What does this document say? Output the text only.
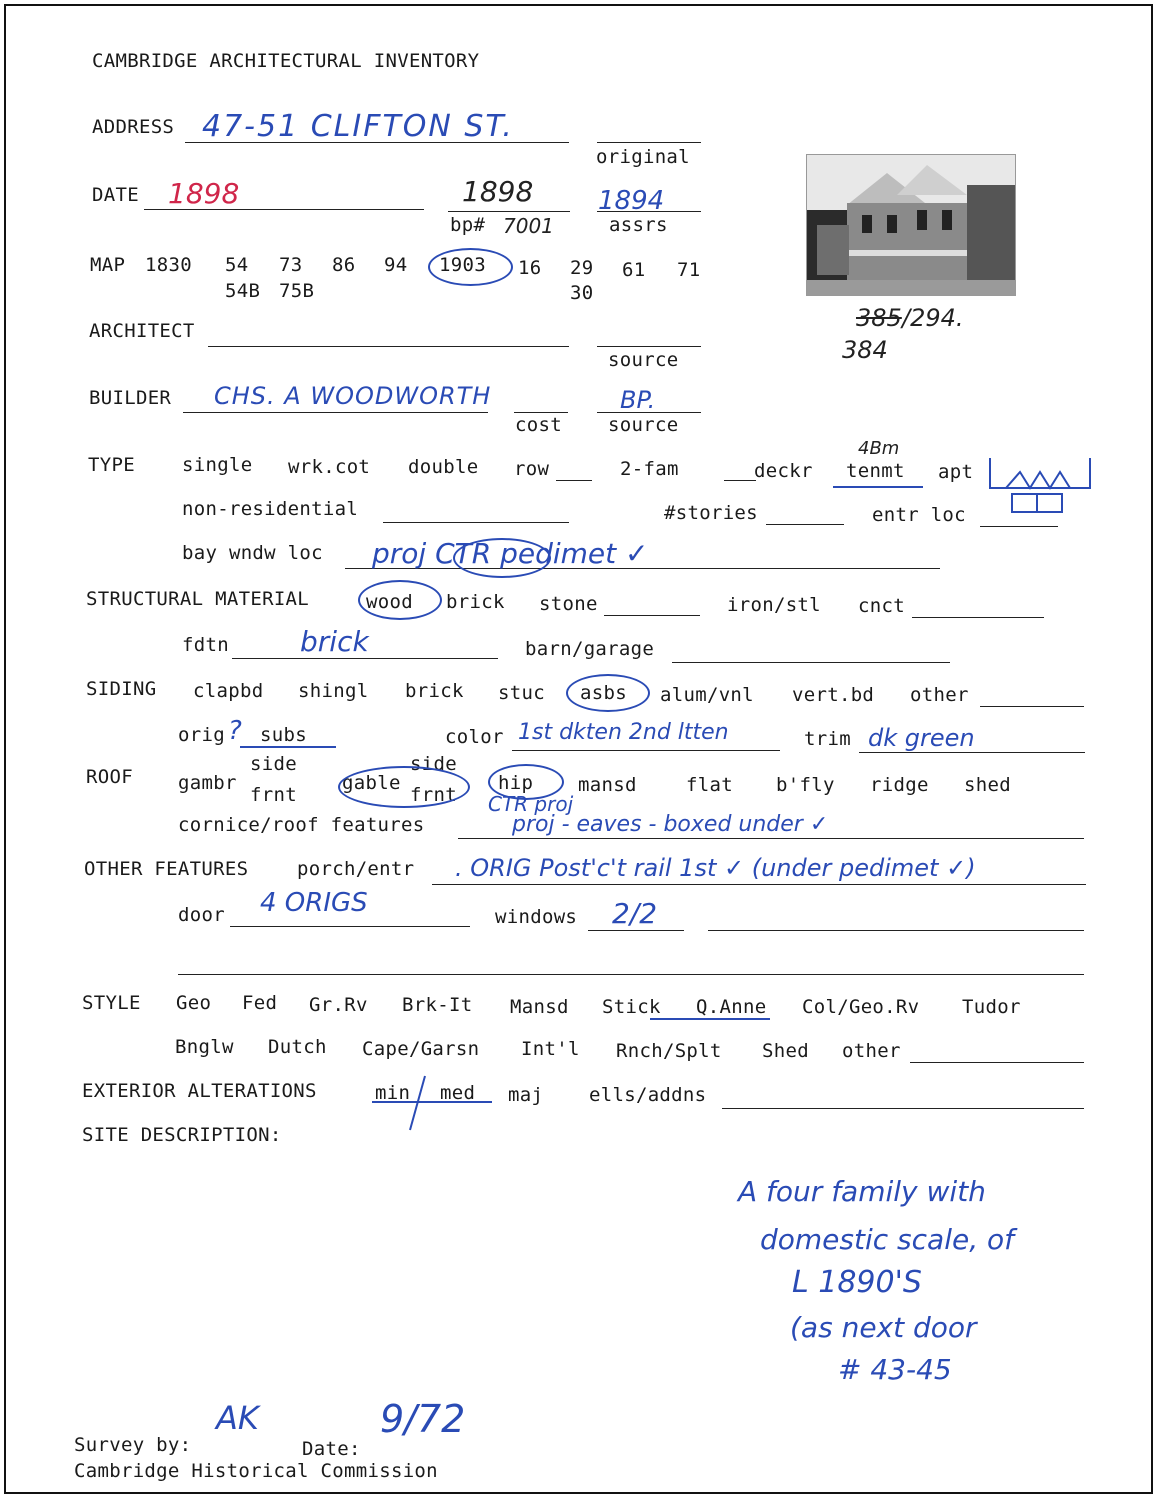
CAMBRIDGE ARCHITECTURAL INVENTORY
ADDRESS 47-51 CLIFTON ST.
original
DATE 1898	1898
bp# 7001
1894
assrs
385 /294.
384
MAP 1830 54 73 86 94 1903 16 29 61 71
54B 75B	30
ARCHITECT
source
BUILDER CHS. A WOODWORTH
cost
BP.
source
TYPE single wrk.cot double row	2-fam	deckr tenmt
4Bm
apt
non-residential	#stories	entr loc
bay wndw loc proj CTR pedimet ✓
STRUCTURAL MATERIAL	wood brick stone	iron/stl cnct
fdtn	brick	barn/garage
SIDING clapbd shingl brick stuc asbs alum/vnl vert.bd other
orig ? subs	color 1st dkten 2nd ltten	trim dk green
ROOF gambr
side
frnt
gable
side
frnt
hip mansd	flat b'fly ridge shed
CTR proj
cornice/roof features	proj - eaves - boxed under ✓
OTHER FEATURES	porch/entr . ORIG Post'c't rail 1st ✓ (under pedimet ✓)
door 4 ORIGS	windows 2/2
STYLE Geo Fed Gr.Rv Brk-It Mansd Stick Q.Anne Col/Geo.Rv Tudor
Bnglw Dutch Cape/Garsn Int'l Rnch/Splt Shed other
EXTERIOR ALTERATIONS	min med maj ells/addns
SITE DESCRIPTION:
A four family with
domestic scale, of
L 1890'S
(as next door
# 43-45
Survey by:
AK
Date:
9/72
Cambridge Historical Commission
